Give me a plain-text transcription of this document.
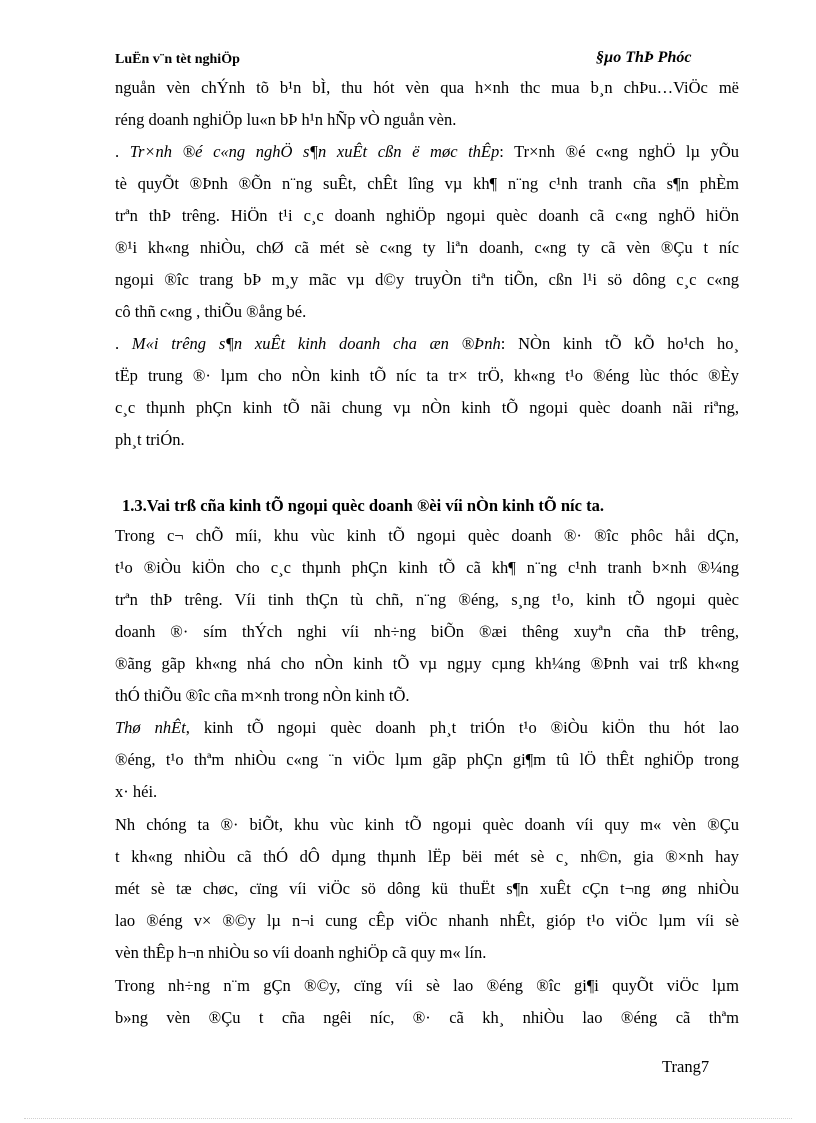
LuËn v¨n tèt nghiÖp	§µo ThÞ Phóc
nguån vèn chÝnh tõ b¹n bÌ, thu hót vèn qua h×nh thc mua b¸n chÞu…ViÖc më
réng doanh nghiÖp lu«n bÞ h¹n hÑp vÒ nguån vèn.
. Tr×nh ®é c«ng nghÖ s¶n xuÊt cßn ë møc thÊp: Tr×nh ®é c«ng nghÖ lµ yÕu
tè quyÕt ®Þnh ®Õn n¨ng suÊt, chÊt lîng vµ kh¶ n¨ng c¹nh tranh cña s¶n phÈm
trªn thÞ trêng. HiÖn t¹i c¸c doanh nghiÖp ngoµi quèc doanh cã c«ng nghÖ hiÖn
®¹i kh«ng nhiÒu, chØ cã mét sè c«ng ty liªn doanh, c«ng ty cã vèn ®Çu t níc
ngoµi ®îc trang bÞ m¸y mãc vµ d©y truyÒn tiªn tiÕn, cßn l¹i sö dông c¸c c«ng
cô thñ c«ng , thiÕu ®ång bé.
. M«i trêng s¶n xuÊt kinh doanh cha æn ®Þnh: NÒn kinh tÕ kÕ ho¹ch ho¸
tËp trung ®· lµm cho nÒn kinh tÕ níc ta tr× trÖ, kh«ng t¹o ®éng lùc thóc ®Èy
c¸c thµnh phÇn kinh tÕ nãi chung vµ nÒn kinh tÕ ngoµi quèc doanh nãi riªng,
ph¸t triÓn.
Trong c¬ chÕ míi, khu vùc kinh tÕ ngoµi quèc doanh ®· ®îc phôc håi dÇn,
t¹o ®iÒu kiÖn cho c¸c thµnh phÇn kinh tÕ cã kh¶ n¨ng c¹nh tranh b×nh ®¼ng
trªn thÞ trêng. Víi tinh thÇn tù chñ, n¨ng ®éng, s¸ng t¹o, kinh tÕ ngoµi quèc
doanh ®· sím thÝch nghi víi nh÷ng biÕn ®æi thêng xuyªn cña thÞ trêng,
®ãng gãp kh«ng nhá cho nÒn kinh tÕ vµ ngµy cµng kh¼ng ®Þnh vai trß kh«ng
thÓ thiÕu ®îc cña m×nh trong nÒn kinh tÕ.
Thø nhÊt, kinh tÕ ngoµi quèc doanh ph¸t triÓn t¹o ®iÒu kiÖn thu hót lao
®éng, t¹o thªm nhiÒu c«ng ¨n viÖc lµm gãp phÇn gi¶m tû lÖ thÊt nghiÖp trong
x· héi.
Nh chóng ta ®· biÕt, khu vùc kinh tÕ ngoµi quèc doanh víi quy m« vèn ®Çu
t kh«ng nhiÒu cã thÓ dÔ dµng thµnh lËp bëi mét sè c¸ nh©n, gia ®×nh hay
mét sè tæ chøc, cïng víi viÖc sö dông kü thuËt s¶n xuÊt cÇn t¬ng øng nhiÒu
lao ®éng v× ®©y lµ n¬i cung cÊp viÖc nhanh nhÊt, gióp t¹o viÖc lµm víi sè
vèn thÊp h¬n nhiÒu so víi doanh nghiÖp cã quy m« lín.
Trong nh÷ng n¨m gÇn ®©y, cïng víi sè lao ®éng ®îc gi¶i quyÕt viÖc lµm
b»ng vèn ®Çu t cña ngêi níc, ®· cã kh¸ nhiÒu lao ®éng cã thªm
1.3.Vai trß cña kinh tÕ ngoµi quèc doanh ®èi víi nÒn kinh tÕ níc ta.
Trang7
